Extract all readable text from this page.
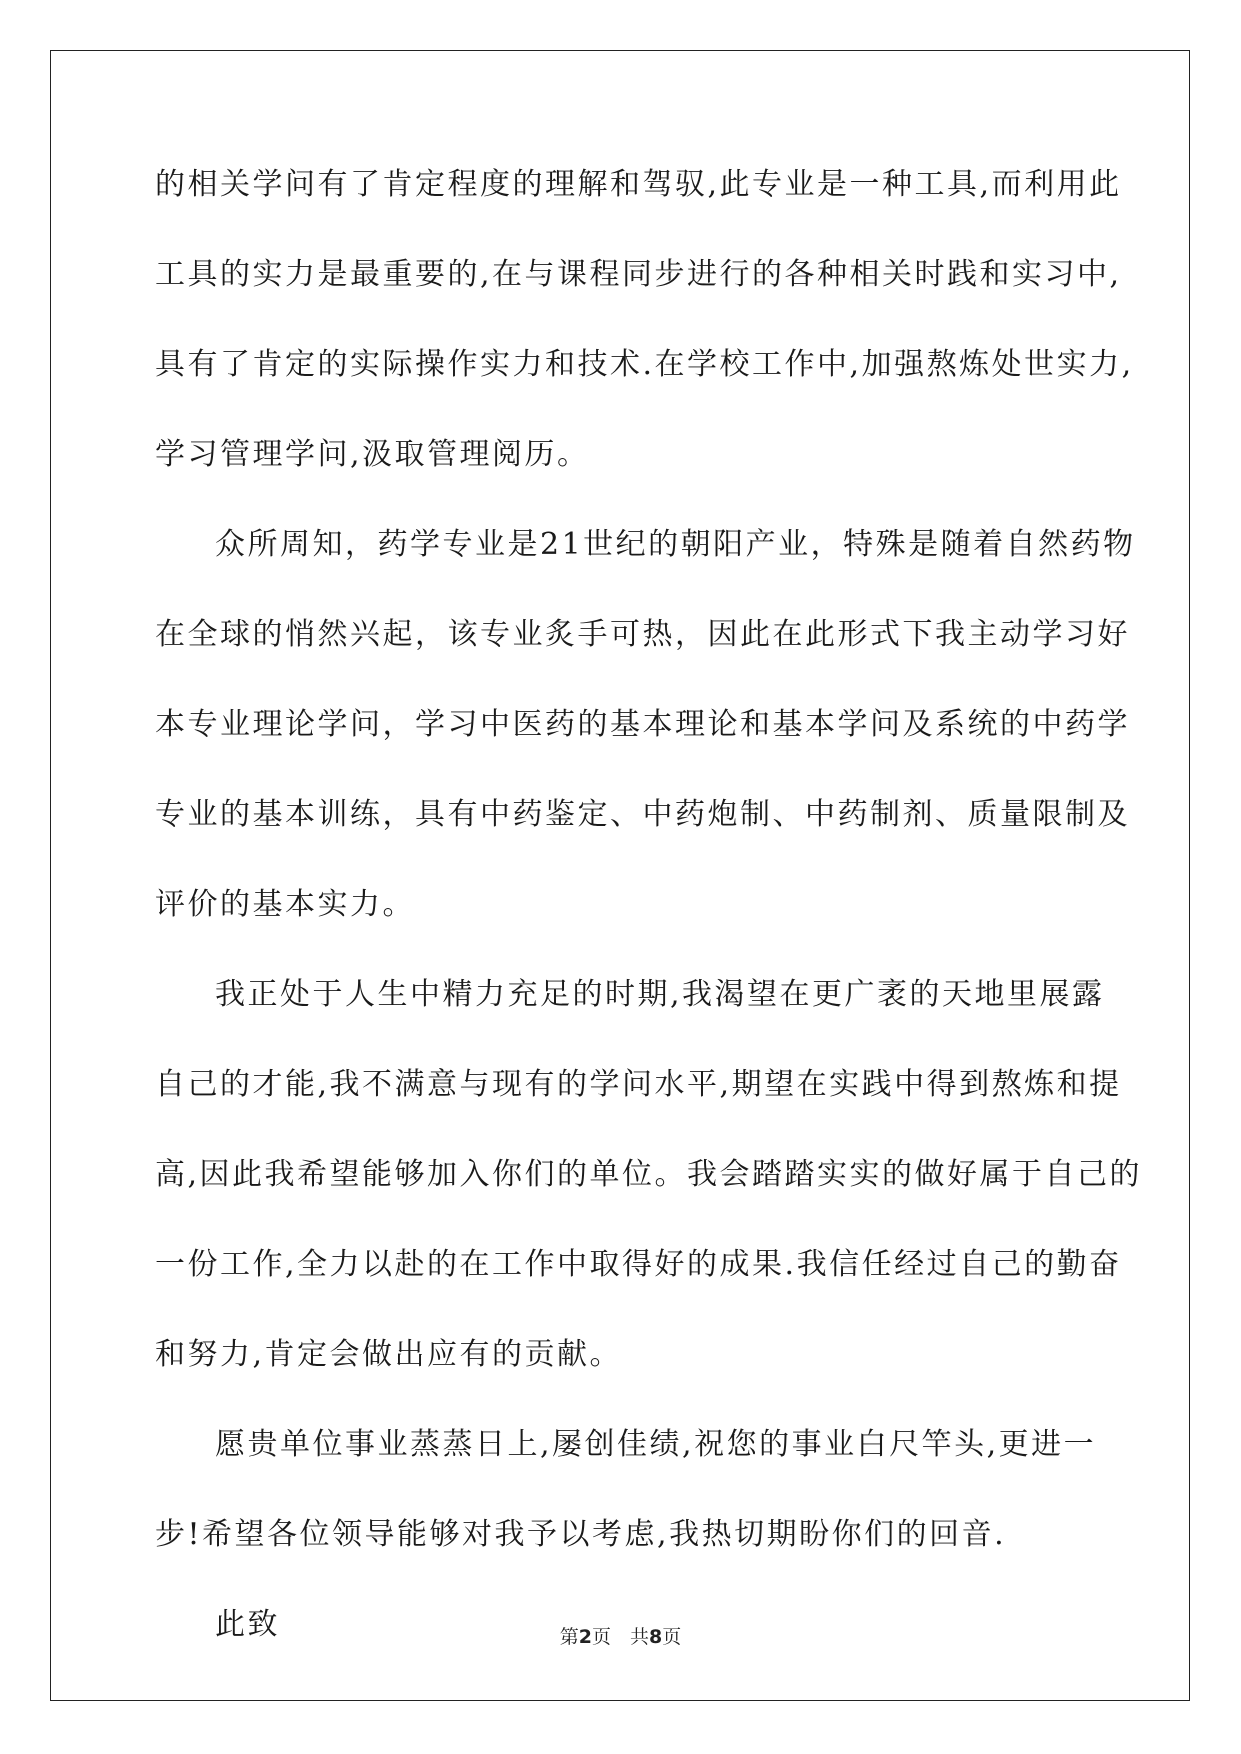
的相关学问有了肯定程度的理解和驾驭,此专业是一种工具,而利用此
工具的实力是最重要的,在与课程同步进行的各种相关时践和实习中,
具有了肯定的实际操作实力和技术.在学校工作中,加强熬炼处世实力,
学习管理学问,汲取管理阅历。
众所周知，药学专业是21世纪的朝阳产业，特殊是随着自然药物
在全球的悄然兴起，该专业炙手可热，因此在此形式下我主动学习好
本专业理论学问，学习中医药的基本理论和基本学问及系统的中药学
专业的基本训练，具有中药鉴定、中药炮制、中药制剂、质量限制及
评价的基本实力。
我正处于人生中精力充足的时期,我渴望在更广袤的天地里展露
自己的才能,我不满意与现有的学问水平,期望在实践中得到熬炼和提
高,因此我希望能够加入你们的单位。我会踏踏实实的做好属于自己的
一份工作,全力以赴的在工作中取得好的成果.我信任经过自己的勤奋
和努力,肯定会做出应有的贡献。
愿贵单位事业蒸蒸日上,屡创佳绩,祝您的事业白尺竿头,更进一
步!希望各位领导能够对我予以考虑,我热切期盼你们的回音.
此致	第2页　共8页
